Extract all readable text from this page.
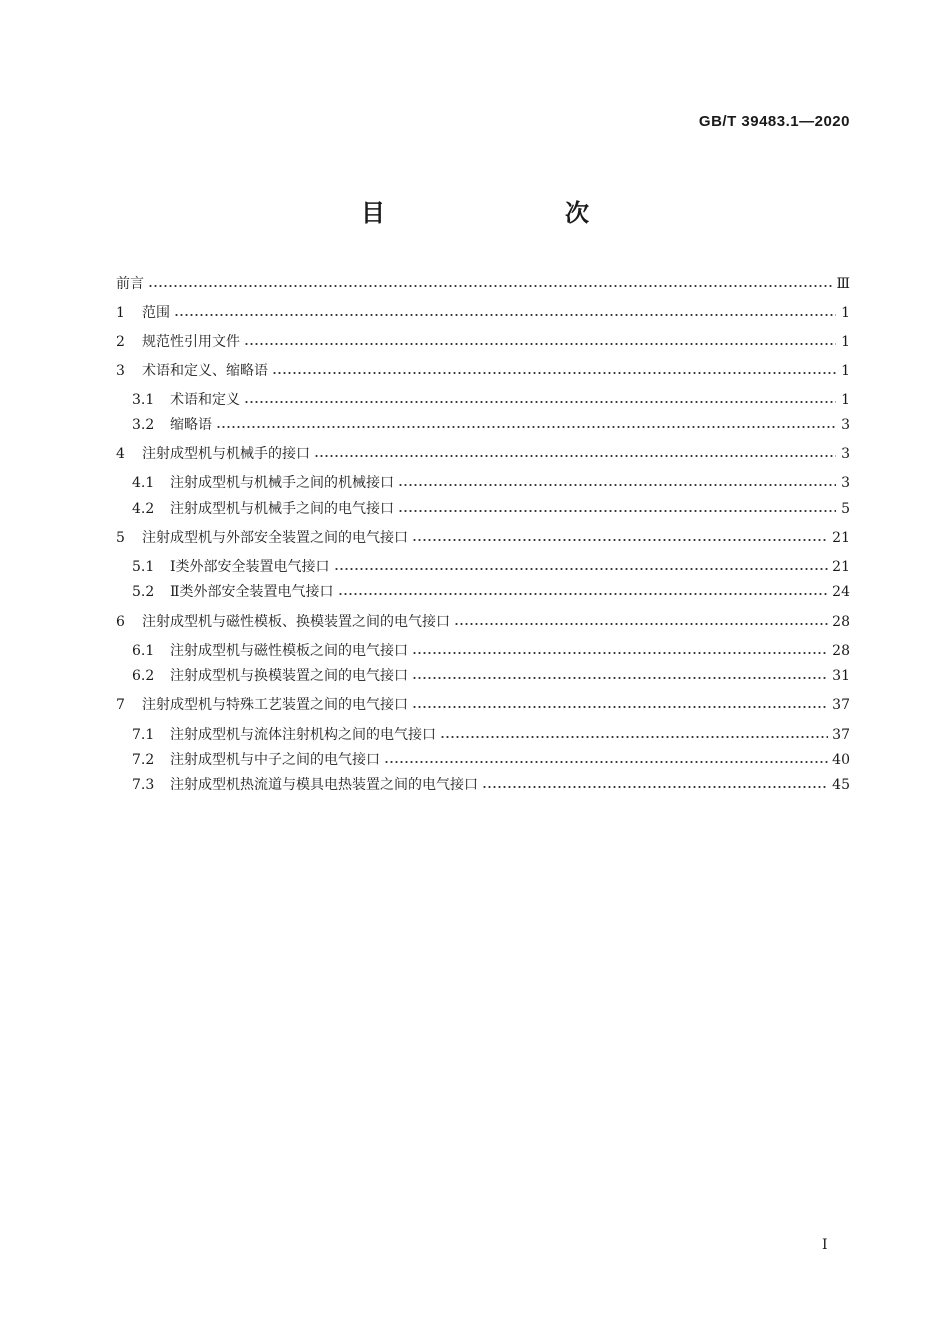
GB/T 39483.1—2020
目　　次
前言	Ⅲ
1	范围	1
2	规范性引用文件	1
3	术语和定义、缩略语	1
3.1	术语和定义	1
3.2	缩略语	3
4	注射成型机与机械手的接口	3
4.1	注射成型机与机械手之间的机械接口	3
4.2	注射成型机与机械手之间的电气接口	5
5	注射成型机与外部安全装置之间的电气接口	21
5.1	Ⅰ类外部安全装置电气接口	21
5.2	Ⅱ类外部安全装置电气接口	24
6	注射成型机与磁性模板、换模装置之间的电气接口	28
6.1	注射成型机与磁性模板之间的电气接口	28
6.2	注射成型机与换模装置之间的电气接口	31
7	注射成型机与特殊工艺装置之间的电气接口	37
7.1	注射成型机与流体注射机构之间的电气接口	37
7.2	注射成型机与中子之间的电气接口	40
7.3	注射成型机热流道与模具电热装置之间的电气接口	45
Ⅰ
